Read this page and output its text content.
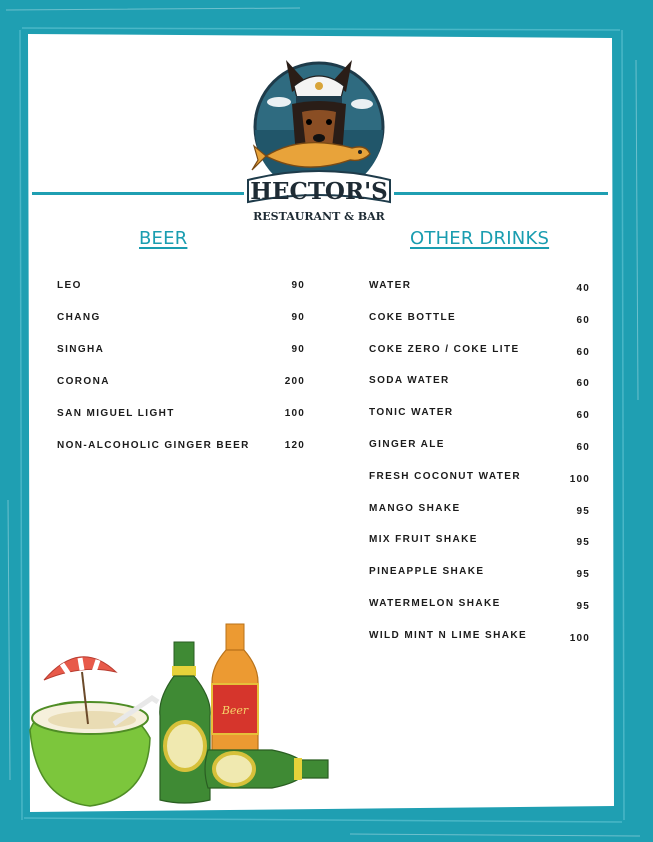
HECTOR'S
RESTAURANT & BAR
BEER	OTHER DRINKS
LEO	90
CHANG	90
SINGHA	90
CORONA	200
SAN MIGUEL LIGHT	100
NON-ALCOHOLIC GINGER BEER	120
WATER	40
COKE BOTTLE	60
COKE ZERO / COKE LITE	60
SODA WATER	60
TONIC WATER	60
GINGER ALE	60
FRESH COCONUT WATER	100
MANGO SHAKE	95
MIX FRUIT SHAKE	95
PINEAPPLE SHAKE	95
WATERMELON SHAKE	95
WILD MINT N LIME SHAKE	100
Beer
